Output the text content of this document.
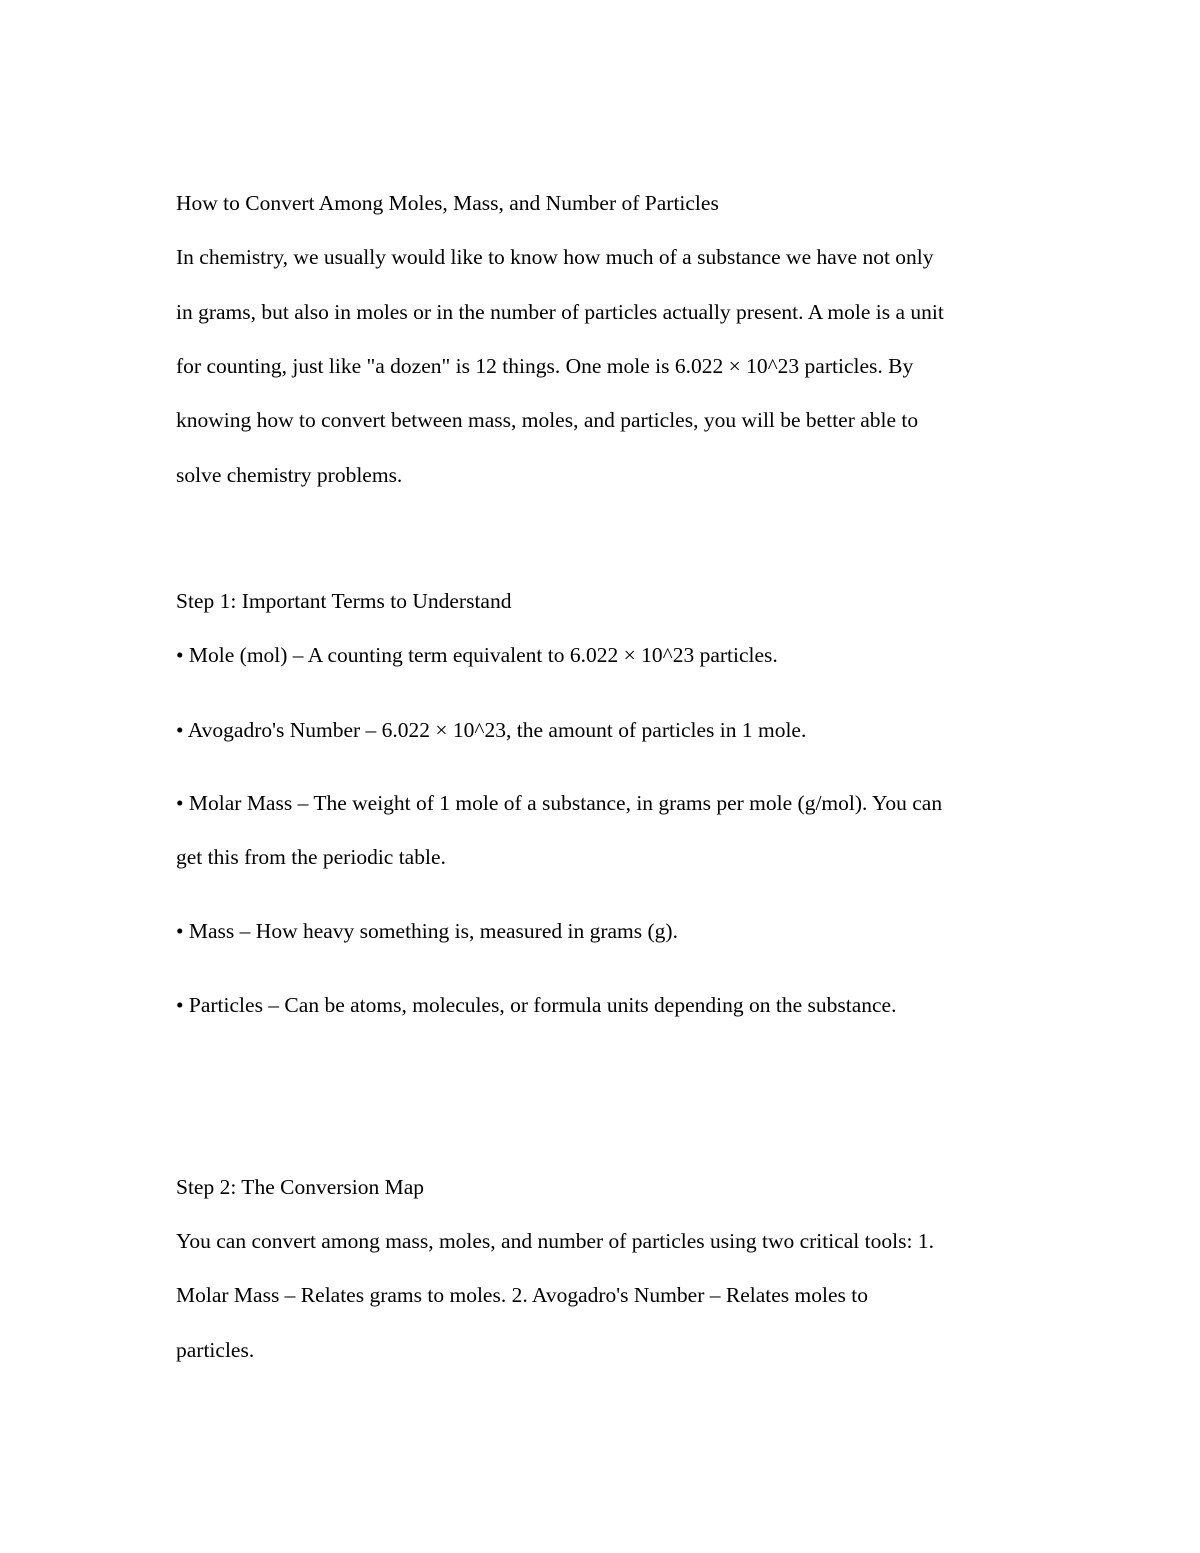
How to Convert Among Moles, Mass, and Number of Particles
In chemistry, we usually would like to know how much of a substance we have not only
in grams, but also in moles or in the number of particles actually present. A mole is a unit
for counting, just like "a dozen" is 12 things. One mole is 6.022 × 10^23 particles. By
knowing how to convert between mass, moles, and particles, you will be better able to
solve chemistry problems.
Step 1: Important Terms to Understand
• Mole (mol) – A counting term equivalent to 6.022 × 10^23 particles.
• Avogadro's Number – 6.022 × 10^23, the amount of particles in 1 mole.
• Molar Mass – The weight of 1 mole of a substance, in grams per mole (g/mol). You can
get this from the periodic table.
• Mass – How heavy something is, measured in grams (g).
• Particles – Can be atoms, molecules, or formula units depending on the substance.
Step 2: The Conversion Map
You can convert among mass, moles, and number of particles using two critical tools: 1.
Molar Mass – Relates grams to moles. 2. Avogadro's Number – Relates moles to
particles.
